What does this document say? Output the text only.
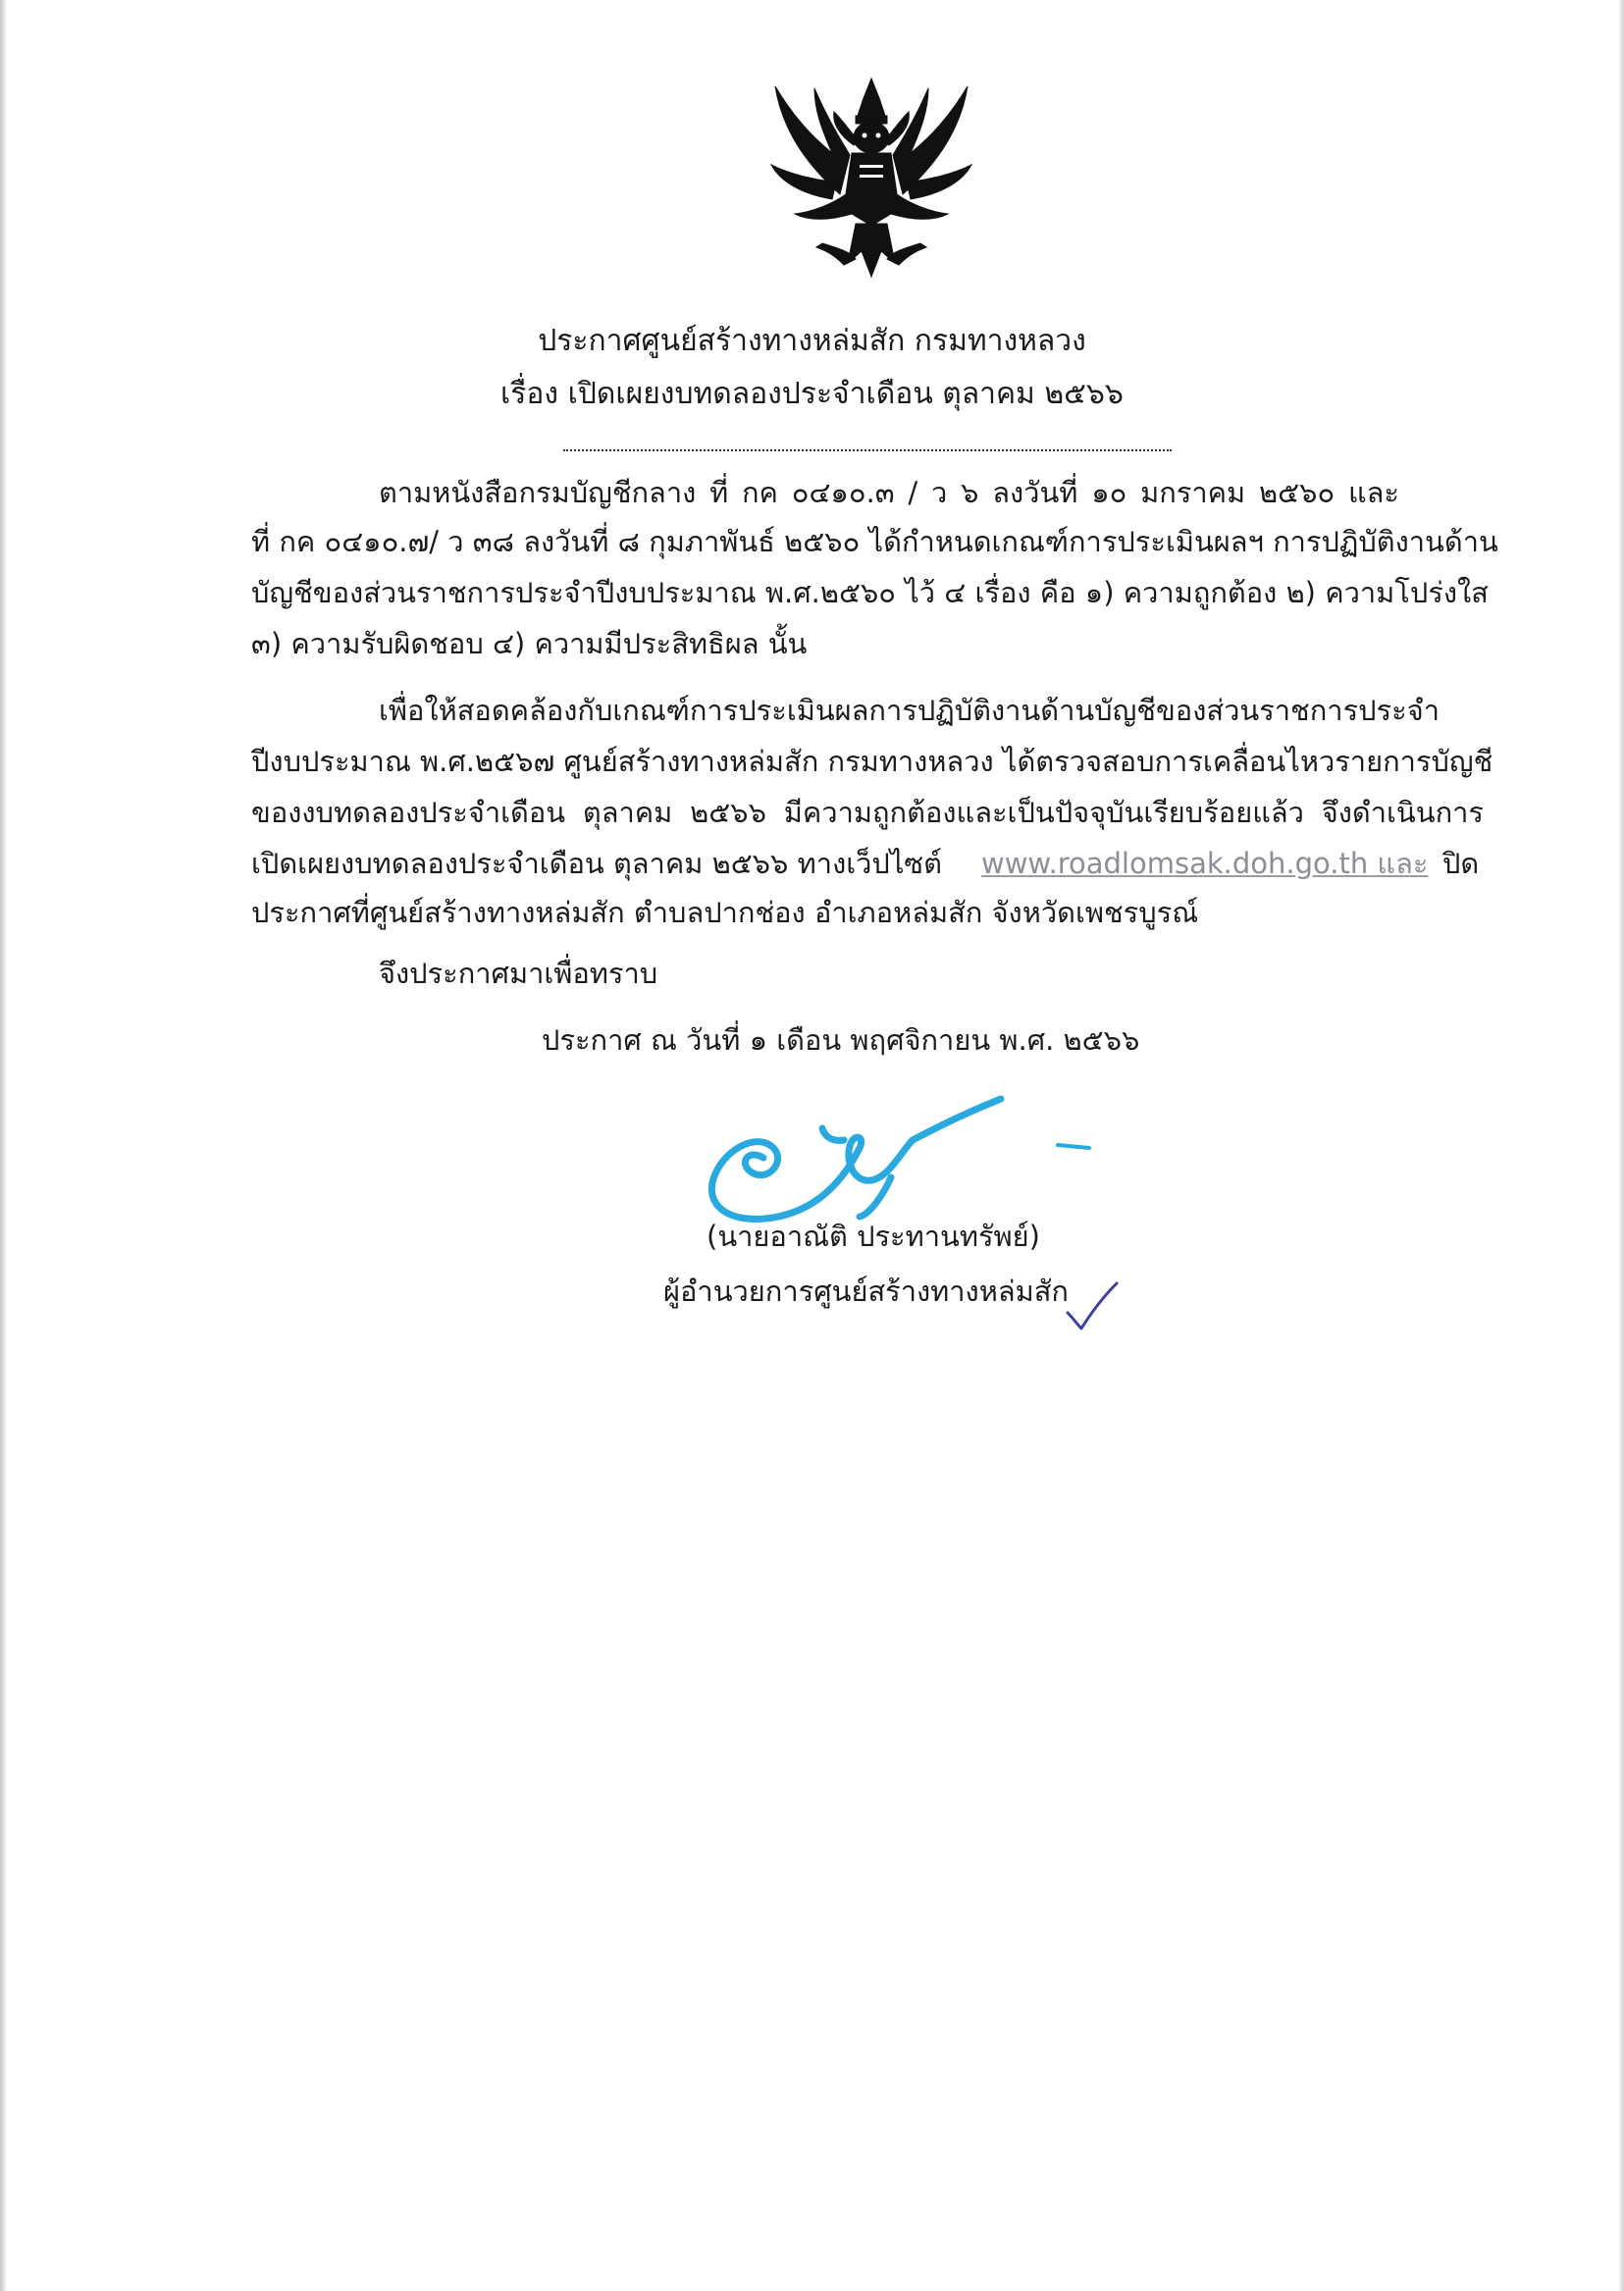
ประกาศศูนย์สร้างทางหล่มสัก กรมทางหลวง
เรื่อง เปิดเผยงบทดลองประจำเดือน ตุลาคม ๒๕๖๖
ตามหนังสือกรมบัญชีกลาง ที่ กค ๐๔๑๐.๓ / ว ๖ ลงวันที่ ๑๐ มกราคม ๒๕๖๐ และ
ที่ กค ๐๔๑๐.๗/ ว ๓๘ ลงวันที่ ๘ กุมภาพันธ์ ๒๕๖๐ ได้กำหนดเกณฑ์การประเมินผลฯ การปฏิบัติงานด้าน
บัญชีของส่วนราชการประจำปีงบประมาณ พ.ศ.๒๕๖๐ ไว้ ๔ เรื่อง คือ ๑) ความถูกต้อง ๒) ความโปร่งใส
๓) ความรับผิดชอบ ๔) ความมีประสิทธิผล นั้น
เพื่อให้สอดคล้องกับเกณฑ์การประเมินผลการปฏิบัติงานด้านบัญชีของส่วนราชการประจำ
ปีงบประมาณ พ.ศ.๒๕๖๗ ศูนย์สร้างทางหล่มสัก กรมทางหลวง ได้ตรวจสอบการเคลื่อนไหวรายการบัญชี
ของงบทดลองประจำเดือน ตุลาคม ๒๕๖๖ มีความถูกต้องและเป็นปัจจุบันเรียบร้อยแล้ว จึงดำเนินการ
เปิดเผยงบทดลองประจำเดือน ตุลาคม ๒๕๖๖ ทางเว็ปไซต์ www.roadlomsak.doh.go.th และ ปิด
ประกาศที่ศูนย์สร้างทางหล่มสัก ตำบลปากช่อง อำเภอหล่มสัก จังหวัดเพชรบูรณ์
จึงประกาศมาเพื่อทราบ
ประกาศ ณ วันที่ ๑ เดือน พฤศจิกายน พ.ศ. ๒๕๖๖
(นายอาณัติ ประทานทรัพย์)
ผู้อำนวยการศูนย์สร้างทางหล่มสัก
